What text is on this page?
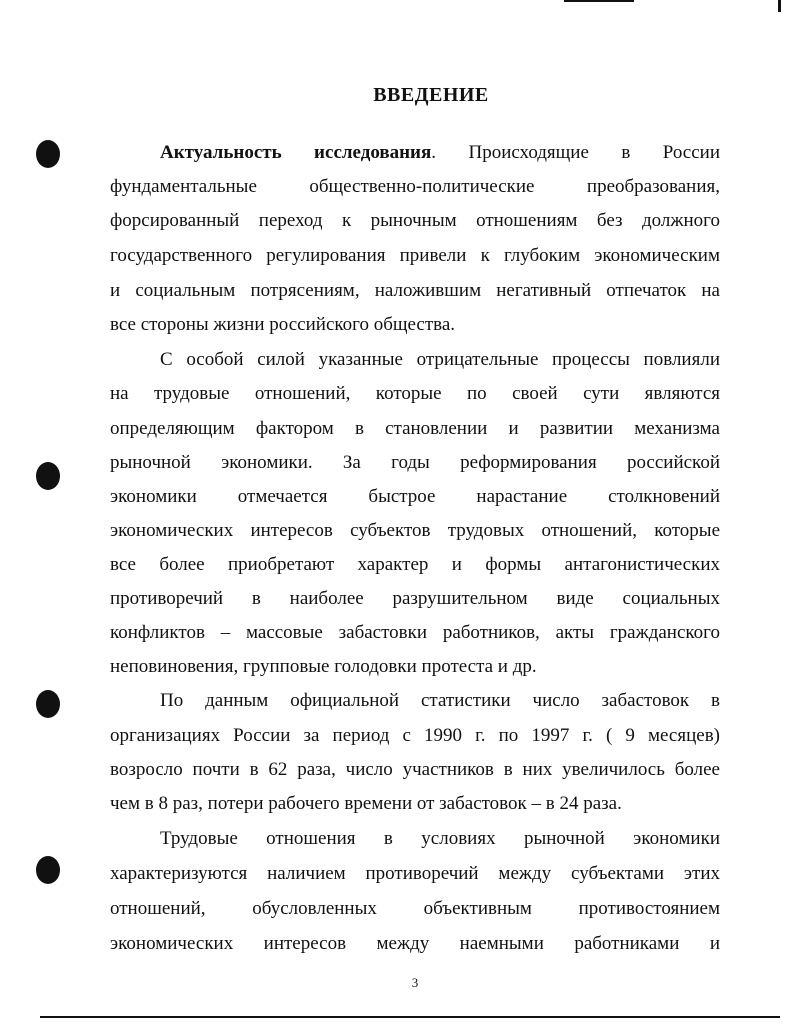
ВВЕДЕНИЕ
Актуальность исследования. Происходящие в России
фундаментальные общественно-политические преобразования,
форсированный переход к рыночным отношениям без должного
государственного регулирования привели к глубоким экономическим
и социальным потрясениям, наложившим негативный отпечаток на
все стороны жизни российского общества.
С особой силой указанные отрицательные процессы повлияли
на трудовые отношений, которые по своей сути являются
определяющим фактором в становлении и развитии механизма
рыночной экономики. За годы реформирования российской
экономики отмечается быстрое нарастание столкновений
экономических интересов субъектов трудовых отношений, которые
все более приобретают характер и формы антагонистических
противоречий в наиболее разрушительном виде социальных
конфликтов – массовые забастовки работников, акты гражданского
неповиновения, групповые голодовки протеста и др.
По данным официальной статистики число забастовок в
организациях России за период с 1990 г. по 1997 г. ( 9 месяцев)
возросло почти в 62 раза, число участников в них увеличилось более
чем в 8 раз, потери рабочего времени от забастовок – в 24 раза.
Трудовые отношения в условиях рыночной экономики
характеризуются наличием противоречий между субъектами этих
отношений, обусловленных объективным противостоянием
экономических интересов между наемными работниками и
3
